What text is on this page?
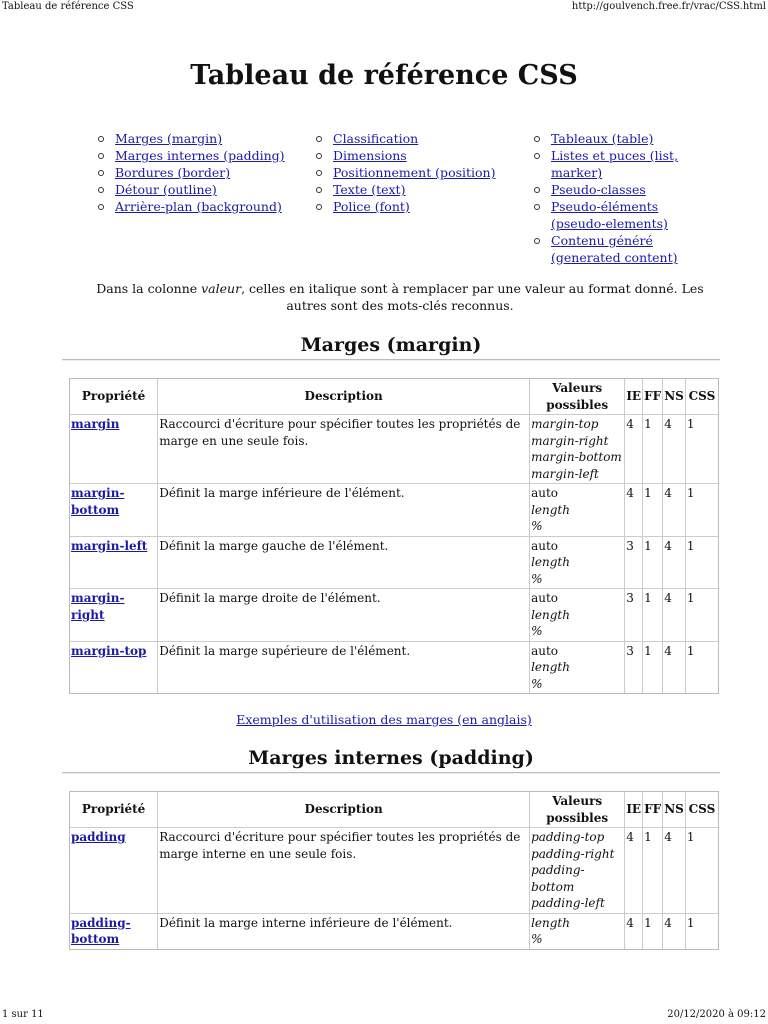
Tableau de référence CSS	http://goulvench.free.fr/vrac/CSS.html
Tableau de référence CSS
Marges (margin)
Marges internes (padding)
Bordures (border)
Détour (outline)
Arrière-plan (background)
Classification
Dimensions
Positionnement (position)
Texte (text)
Police (font)
Tableaux (table)
Listes et puces (list, marker)
Pseudo-classes
Pseudo-éléments (pseudo-elements)
Contenu généré (generated content)

Dans la colonne valeur, celles en italique sont à remplacer par une valeur au format donné. Les autres sont des mots-clés reconnus.

Marges (margin)
Propriété	Description	Valeurs possibles	IE	FF	NS	CSS
margin	Raccourci d'écriture pour spécifier toutes les propriétés de marge en une seule fois.	margin-top
margin-right
margin-bottom
margin-left	4	1	4	1
margin-bottom	Définit la marge inférieure de l'élément.	auto
length
%	4	1	4	1
margin-left	Définit la marge gauche de l'élément.	auto
length
%	3	1	4	1
margin-right	Définit la marge droite de l'élément.	auto
length
%	3	1	4	1
margin-top	Définit la marge supérieure de l'élément.	auto
length
%	3	1	4	1
Exemples d'utilisation des marges (en anglais)
Marges internes (padding)
Propriété	Description	Valeurs possibles	IE	FF	NS	CSS
padding	Raccourci d'écriture pour spécifier toutes les propriétés de marge interne en une seule fois.	padding-top
padding-right
padding-bottom
padding-left	4	1	4	1
padding-bottom	Définit la marge interne inférieure de l'élément.	length
%	4	1	4	1
1 sur 11	20/12/2020 à 09:12
